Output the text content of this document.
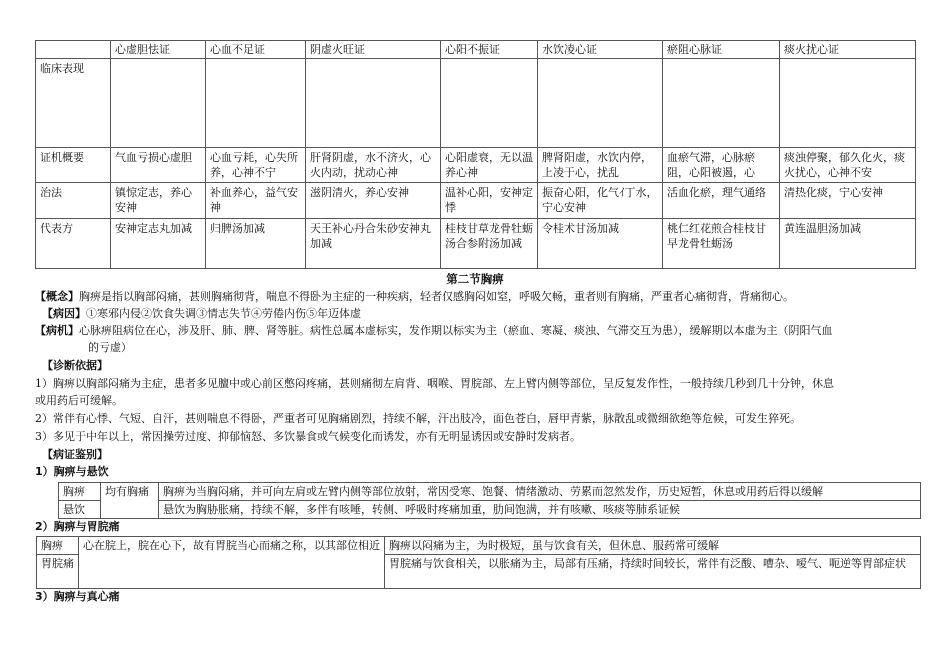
	心虚胆怯证	心血不足证	阴虚火旺证	心阳不振证	水饮凌心证	瘀阻心脉证	痰火扰心证
临床表现							

证机概要	气血亏损心虚胆	心血亏耗，心失所养，心神不宁	肝肾阴虚，水不济火，心火内动，扰动心神	心阳虚衰，无以温养心神	脾肾阳虚，水饮内停，上凌于心，扰乱	血瘀气滞，心脉瘀阻，心阳被遏，心	痰浊停聚，郁久化火，痰火扰心，心神不安

治法	镇惊定志，养心安神	补血养心，益气安神	滋阴清火，养心安神	温补心阳，安神定悸	振奋心阳，化气ｲ丁水，宁心安神	活血化瘀，理气通络	清热化痰，宁心安神

代表方	安神定志丸加减	归脾汤加减	天王补心丹合朱砂安神丸加减	桂枝甘草龙骨牡蛎汤合参附汤加减	令桂术甘汤加减	桃仁红花煎合桂枝甘早龙骨牡蛎汤	黄连温胆汤加减
第二节胸痹
【概念】胸痹是指以胸部闷痛，甚则胸痛彻背，喘息不得卧为主症的一种疾病，轻者仅感胸闷如窒，呼吸欠畅，重者则有胸痛，严重者心痛彻背，背痛彻心。
【病因】①寒邪内侵②饮食失调③情志失节④劳倦内伤⑤年迈体虚
【病机】心脉痹阻病位在心，涉及肝、肺、脾、肾等脏。病性总属本虚标实，发作期以标实为主（瘀血、寒凝、痰浊、气滞交互为患），缓解期以本虚为主（阴阳气血
的亏虚）
【诊断依据】
1）胸痹以胸部闷痛为主症，患者多见膻中或心前区憋闷疼痛，甚则痛彻左肩背、咽喉、胃脘部、左上臂内侧等部位，呈反复发作性，一般持续几秒到几十分钟，休息
或用药后可缓解。
2）常伴有心悸、气短、自汗，甚则喘息不得卧，严重者可见胸痛剧烈，持续不解，汗出肢冷，面色苍白，唇甲青紫，脉散乱或微细欲绝等危候，可发生猝死。
3）多见于中年以上，常因操劳过度、抑郁恼怒、多饮暴食或气候变化而诱发，亦有无明显诱因或安静时发病者。
【病证鉴别】
1）胸痹与悬饮
胸痹	均有胸痛	胸痹为当胸闷痛，并可向左肩或左臂内侧等部位放射，常因受寒、饱餐、情绪激动、劳累而忽然发作，历史短暂，休息或用药后得以缓解

悬饮		悬饮为胸胁胀痛，持续不解，多伴有咳唾，转侧、呼吸时疼痛加重，肋间饱满，并有咳嗽、咳痰等肺系证候
2）胸痹与胃脘痛
胸痹	心在脘上，脘在心下，故有胃脘当心而痛之称，以其部位相近	胸痹以闷痛为主，为时极短，虽与饮食有关，但休息、服药常可缓解
胃脘痛		胃脘痛与饮食相关，以胀痛为主，局部有压痛，持续时间较长，常伴有泛酸、嘈杂、嗳气、呃逆等胃部症状
3）胸痹与真心痛
